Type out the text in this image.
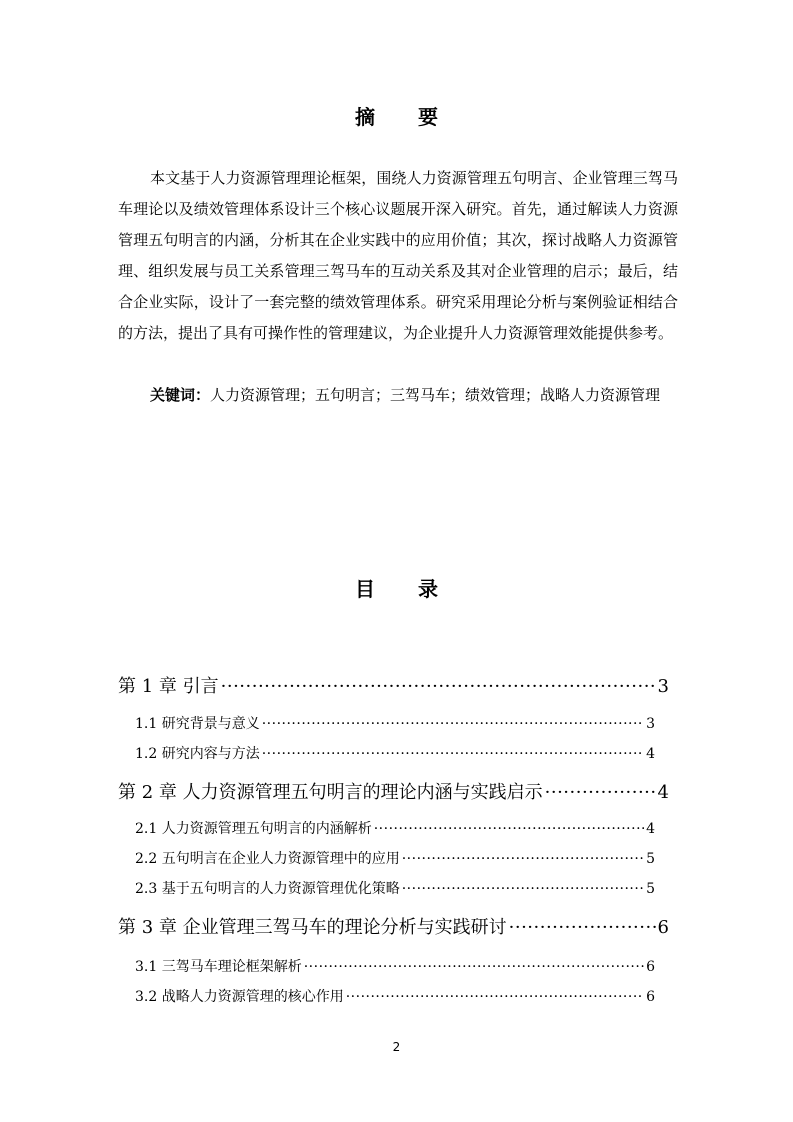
摘 要
本文基于人力资源管理理论框架，围绕人力资源管理五句明言、企业管理三驾马车理论以及绩效管理体系设计三个核心议题展开深入研究。首先，通过解读人力资源管理五句明言的内涵，分析其在企业实践中的应用价值；其次，探讨战略人力资源管理、组织发展与员工关系管理三驾马车的互动关系及其对企业管理的启示；最后，结合企业实际，设计了一套完整的绩效管理体系。研究采用理论分析与案例验证相结合的方法，提出了具有可操作性的管理建议，为企业提升人力资源管理效能提供参考。
关键词：人力资源管理；五句明言；三驾马车；绩效管理；战略人力资源管理
目 录
第 1 章 引言 ·····	3
1.1 研究背景与意义 ·····	3
1.2 研究内容与方法 ·····	4
第 2 章 人力资源管理五句明言的理论内涵与实践启示 ·····	4
2.1 人力资源管理五句明言的内涵解析 ·····	4
2.2 五句明言在企业人力资源管理中的应用 ·····	5
2.3 基于五句明言的人力资源管理优化策略 ·····	5
第 3 章 企业管理三驾马车的理论分析与实践研讨 ·····	6
3.1 三驾马车理论框架解析 ·····	6
3.2 战略人力资源管理的核心作用 ·····	6
2
